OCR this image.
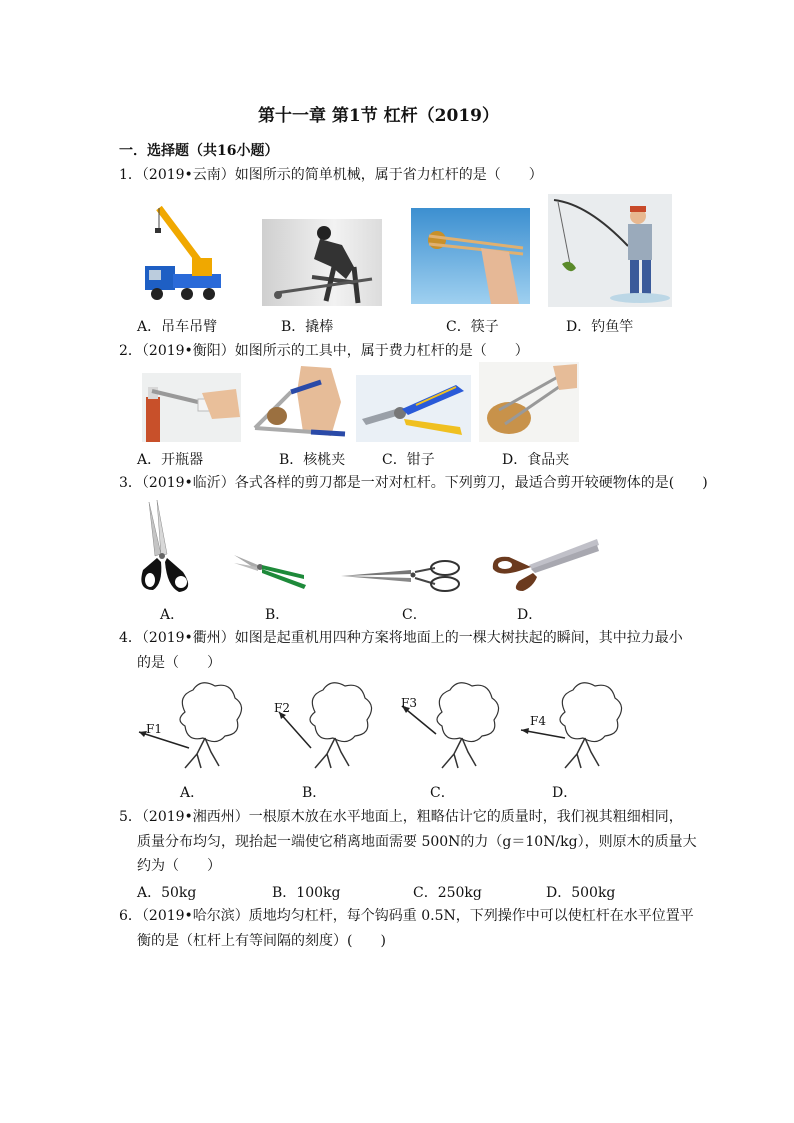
第十一章 第1节 杠杆（2019）
一．选择题（共16小题）
1．（2019•云南）如图所示的简单机械，属于省力杠杆的是（　　）
A．吊车吊臂	B．撬棒	C．筷子	D．钓鱼竿
2．（2019•衡阳）如图所示的工具中，属于费力杠杆的是（　　）
A．开瓶器	B．核桃夹	C．钳子	D．食品夹
3．（2019•临沂）各式各样的剪刀都是一对对杠杆。下列剪刀，最适合剪开较硬物体的是(　　)
A．	B．	C．	D．
4．（2019•衢州）如图是起重机用四种方案将地面上的一棵大树扶起的瞬间，其中拉力最小
的是（　　）
F1
F2	F3
F4
A．	B．	C．	D．
5．（2019•湘西州）一根原木放在水平地面上，粗略估计它的质量时，我们视其粗细相同，
质量分布均匀，现抬起一端使它稍离地面需要 500N的力（g＝10N/kg），则原木的质量大
约为（　　）
A．50kg	B．100kg	C．250kg	D．500kg
6．（2019•哈尔滨）质地均匀杠杆，每个钩码重 0.5N，下列操作中可以使杠杆在水平位置平
衡的是（杠杆上有等间隔的刻度）(　　)
